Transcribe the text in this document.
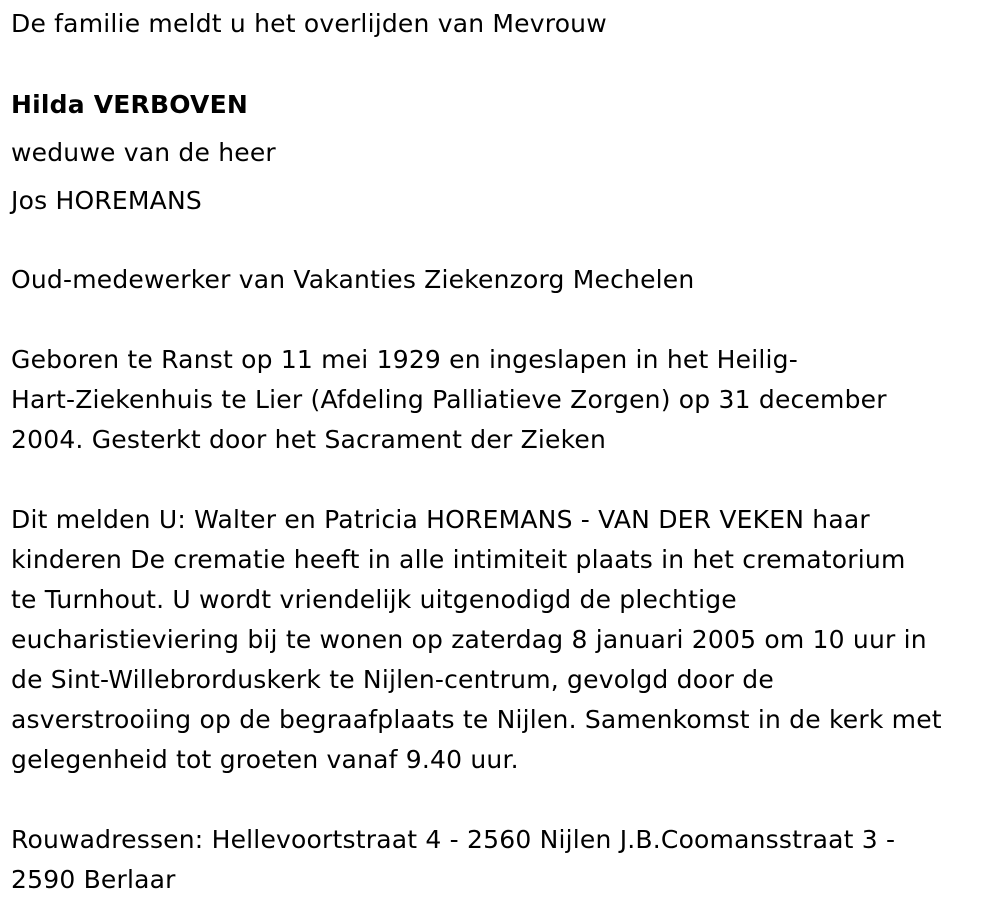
De familie meldt u het overlijden van Mevrouw
Hilda VERBOVEN
weduwe van de heer
Jos HOREMANS
Oud-medewerker van Vakanties Ziekenzorg Mechelen
Geboren te Ranst op 11 mei 1929 en ingeslapen in het Heilig-
Hart-Ziekenhuis te Lier (Afdeling Palliatieve Zorgen) op 31 december
2004. Gesterkt door het Sacrament der Zieken
Dit melden U: Walter en Patricia HOREMANS - VAN DER VEKEN haar
kinderen De crematie heeft in alle intimiteit plaats in het crematorium
te Turnhout. U wordt vriendelijk uitgenodigd de plechtige
eucharistieviering bij te wonen op zaterdag 8 januari 2005 om 10 uur in
de Sint-Willebrorduskerk te Nijlen-centrum, gevolgd door de
asverstrooiing op de begraafplaats te Nijlen. Samenkomst in de kerk met
gelegenheid tot groeten vanaf 9.40 uur.
Rouwadressen: Hellevoortstraat 4 - 2560 Nijlen J.B.Coomansstraat 3 -
2590 Berlaar
